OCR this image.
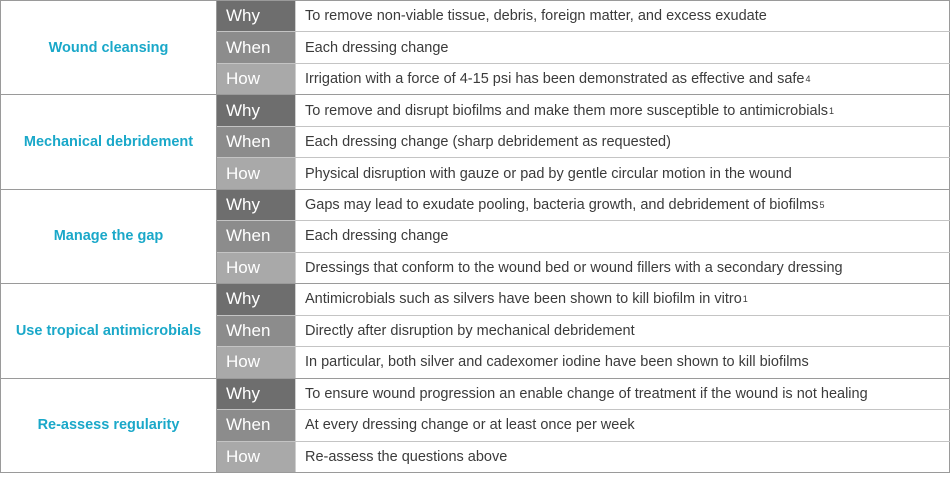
Wound cleansing
Why	To remove non-viable tissue, debris, foreign matter, and excess exudate
When	Each dressing change
How	Irrigation with a force of 4-15 psi has been demonstrated as effective and safe 4
Mechanical debridement
Why	To remove and disrupt biofilms and make them more susceptible to antimicrobials 1
When	Each dressing change (sharp debridement as requested)
How	Physical disruption with gauze or pad by gentle circular motion in the wound
Manage the gap
Why	Gaps may lead to exudate pooling, bacteria growth, and debridement of biofilms 5
When	Each dressing change
How	Dressings that conform to the wound bed or wound fillers with a secondary dressing
Use tropical antimicrobials
Why	Antimicrobials such as silvers have been shown to kill biofilm in vitro 1
When	Directly after disruption by mechanical debridement
How	In particular, both silver and cadexomer iodine have been shown to kill biofilms
Re-assess regularity
Why	To ensure wound progression an enable change of treatment if the wound is not healing
When	At every dressing change or at least once per week
How	Re-assess the questions above
